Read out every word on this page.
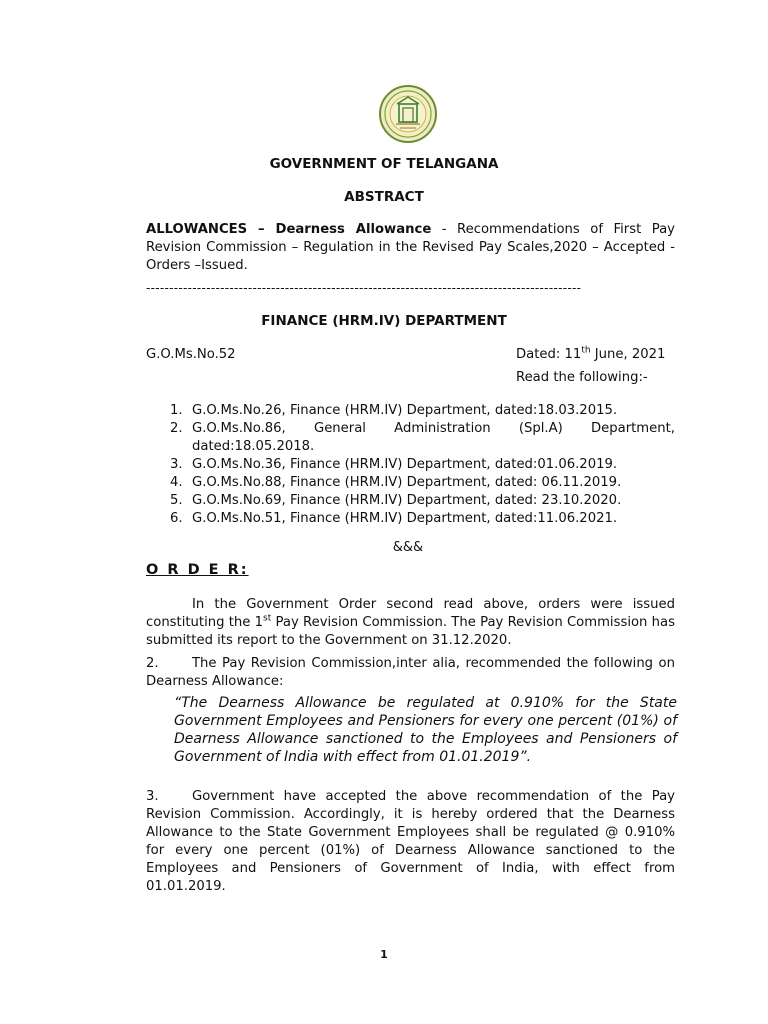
GOVERNMENT OF TELANGANA
ABSTRACT
ALLOWANCES – Dearness Allowance - Recommendations of First Pay Revision Commission – Regulation in the Revised Pay Scales,2020 – Accepted - Orders –Issued.
----------------------------------------------------------------------------------------------
FINANCE (HRM.IV) DEPARTMENT
G.O.Ms.No.52	Dated: 11th June, 2021
Read the following:-
1. G.O.Ms.No.26, Finance (HRM.IV) Department, dated:18.03.2015.
2. G.O.Ms.No.86, General Administration (Spl.A) Department, dated:18.05.2018.
3. G.O.Ms.No.36, Finance (HRM.IV) Department, dated:01.06.2019.
4. G.O.Ms.No.88, Finance (HRM.IV) Department, dated: 06.11.2019.
5. G.O.Ms.No.69, Finance (HRM.IV) Department, dated: 23.10.2020.
6. G.O.Ms.No.51, Finance (HRM.IV) Department, dated:11.06.2021.
&&&
O R D E R:
In the Government Order second read above, orders were issued constituting the 1st Pay Revision Commission. The Pay Revision Commission has submitted its report to the Government on 31.12.2020.
2.	The Pay Revision Commission,inter alia, recommended the following on Dearness Allowance:
“The Dearness Allowance be regulated at 0.910% for the State Government Employees and Pensioners for every one percent (01%) of Dearness Allowance sanctioned to the Employees and Pensioners of Government of India with effect from 01.01.2019”.
3.	Government have accepted the above recommendation of the Pay Revision Commission. Accordingly, it is hereby ordered that the Dearness Allowance to the State Government Employees shall be regulated @ 0.910% for every one percent (01%) of Dearness Allowance sanctioned to the Employees and Pensioners of Government of India, with effect from 01.01.2019.
1
